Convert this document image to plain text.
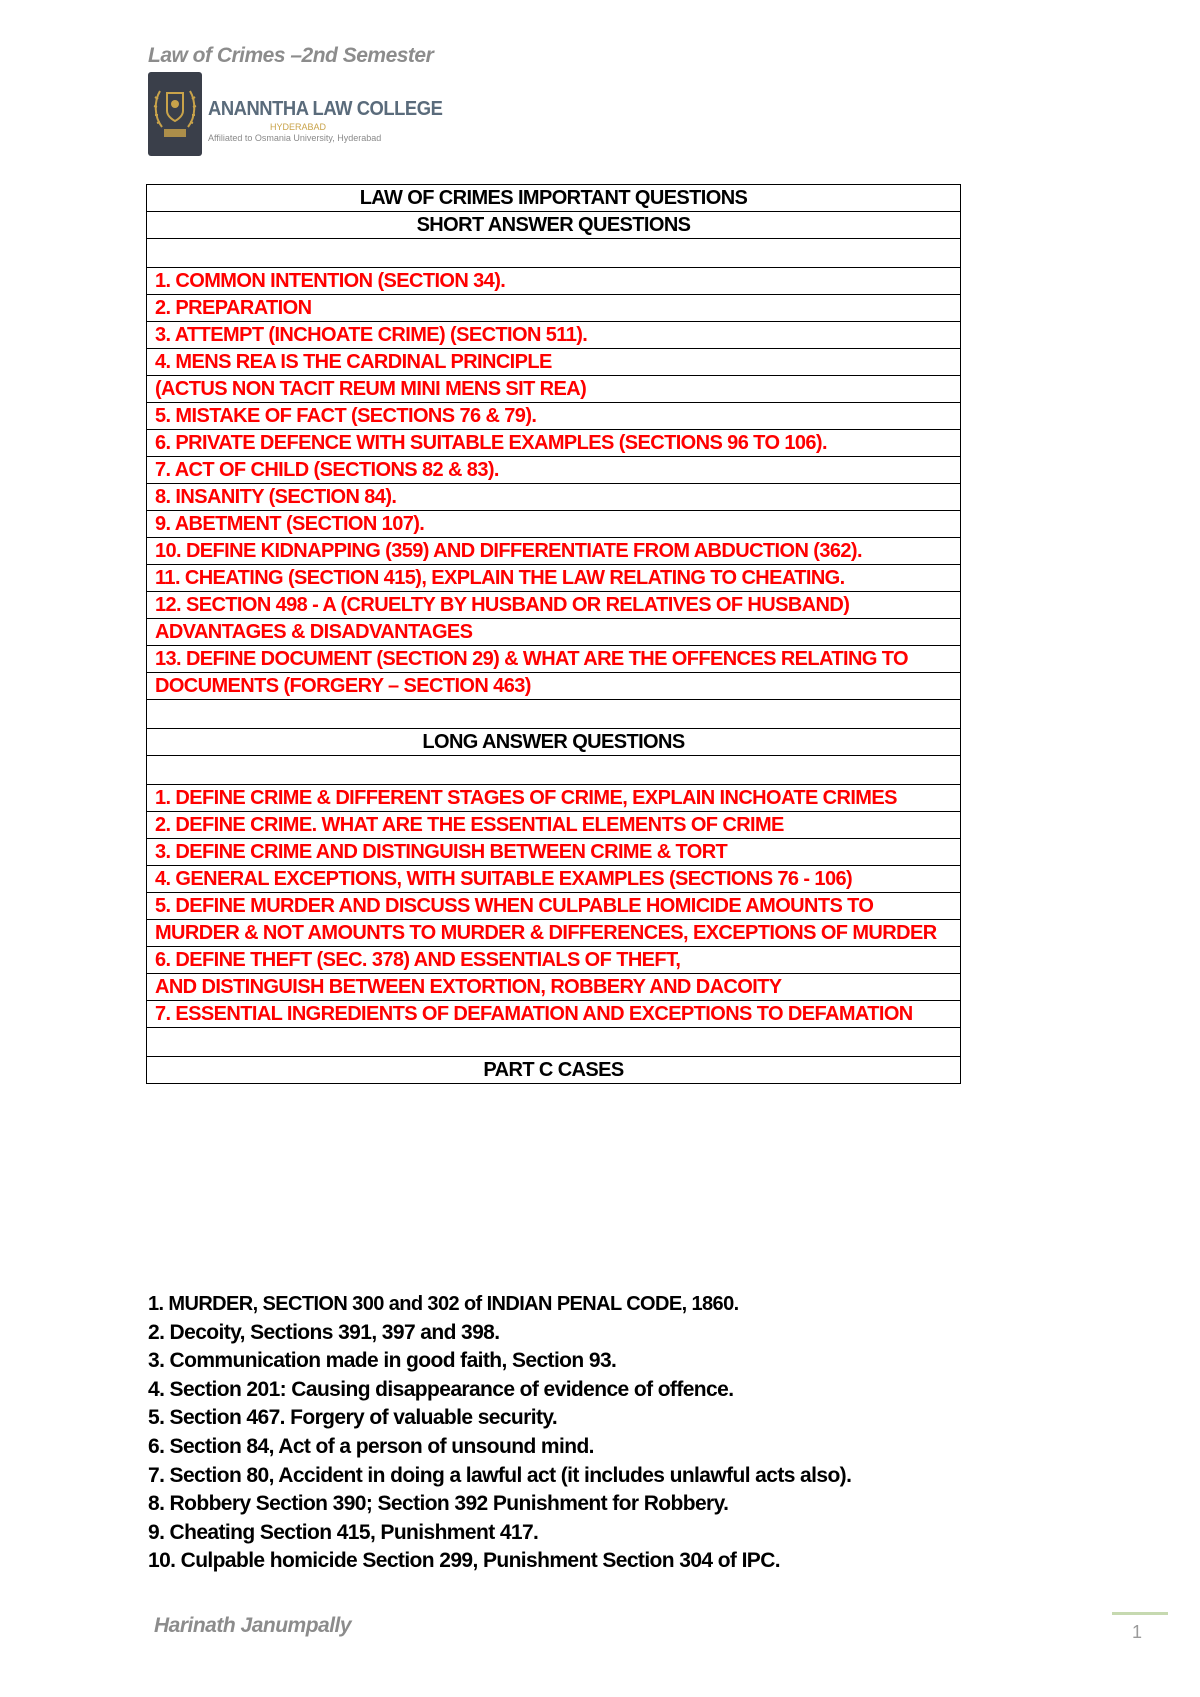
Law of Crimes –2nd Semester
ANANNTHA LAW COLLEGE
HYDERABAD
Affiliated to Osmania University, Hyderabad
LAW OF CRIMES IMPORTANT QUESTIONS
SHORT ANSWER QUESTIONS

1. COMMON INTENTION (SECTION 34).
2. PREPARATION
3. ATTEMPT (INCHOATE CRIME) (SECTION 511).
4. MENS REA IS THE CARDINAL PRINCIPLE
(ACTUS NON TACIT REUM MINI MENS SIT REA)
5. MISTAKE OF FACT (SECTIONS 76 & 79).
6. PRIVATE DEFENCE WITH SUITABLE EXAMPLES (SECTIONS 96 TO 106).
7. ACT OF CHILD (SECTIONS 82 & 83).
8. INSANITY (SECTION 84).
9. ABETMENT (SECTION 107).
10. DEFINE KIDNAPPING (359) AND DIFFERENTIATE FROM ABDUCTION (362).
11. CHEATING (SECTION 415), EXPLAIN THE LAW RELATING TO CHEATING.
12. SECTION 498 - A (CRUELTY BY HUSBAND OR RELATIVES OF HUSBAND)
ADVANTAGES & DISADVANTAGES
13. DEFINE DOCUMENT (SECTION 29) & WHAT ARE THE OFFENCES RELATING TO
DOCUMENTS (FORGERY – SECTION 463)

LONG ANSWER QUESTIONS

1. DEFINE CRIME & DIFFERENT STAGES OF CRIME, EXPLAIN INCHOATE CRIMES
2. DEFINE CRIME. WHAT ARE THE ESSENTIAL ELEMENTS OF CRIME
3. DEFINE CRIME AND DISTINGUISH BETWEEN CRIME & TORT
4. GENERAL EXCEPTIONS, WITH SUITABLE EXAMPLES (SECTIONS 76 - 106)
5. DEFINE MURDER AND DISCUSS WHEN CULPABLE HOMICIDE AMOUNTS TO
MURDER & NOT AMOUNTS TO MURDER & DIFFERENCES, EXCEPTIONS OF MURDER
6. DEFINE THEFT (SEC. 378) AND ESSENTIALS OF THEFT,
AND DISTINGUISH BETWEEN EXTORTION, ROBBERY AND DACOITY
7. ESSENTIAL INGREDIENTS OF DEFAMATION AND EXCEPTIONS TO DEFAMATION

PART C CASES
1. MURDER, SECTION 300 and 302 of INDIAN PENAL CODE, 1860.
2. Decoity, Sections 391, 397 and 398.
3. Communication made in good faith, Section 93.
4. Section 201: Causing disappearance of evidence of offence.
5. Section 467. Forgery of valuable security.
6. Section 84, Act of a person of unsound mind.
7. Section 80, Accident in doing a lawful act (it includes unlawful acts also).
8. Robbery Section 390; Section 392 Punishment for Robbery.
9. Cheating Section 415, Punishment 417.
10. Culpable homicide Section 299, Punishment Section 304 of IPC.
Harinath Janumpally	1
